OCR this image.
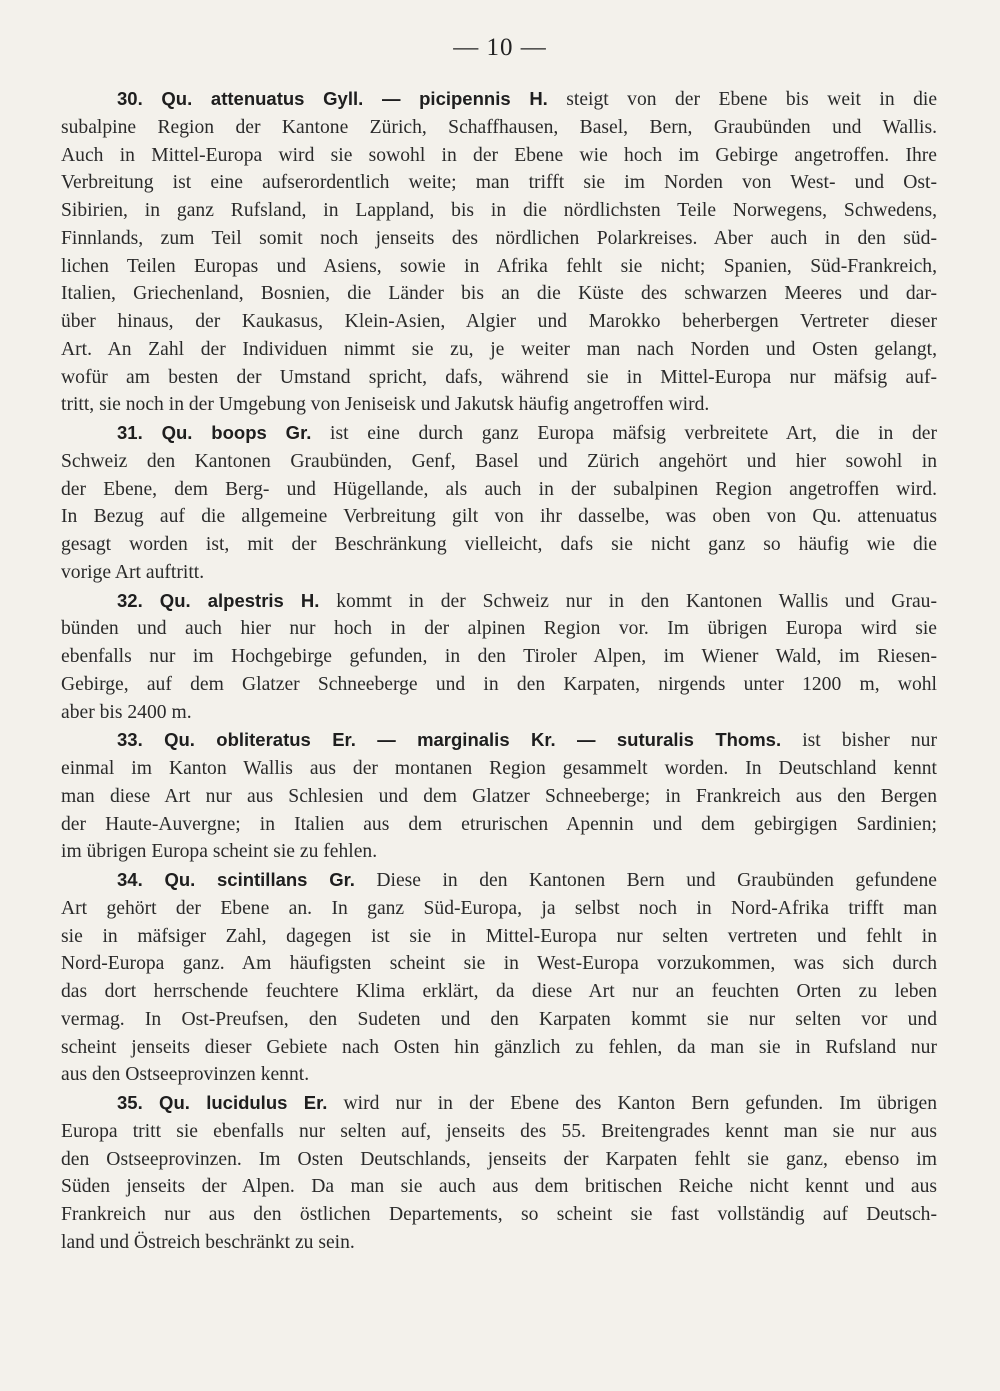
— 10 —
30. Qu. attenuatus Gyll. — picipennis H. steigt von der Ebene bis weit in die
subalpine Region der Kantone Zürich, Schaffhausen, Basel, Bern, Graubünden und Wallis.
Auch in Mittel-Europa wird sie sowohl in der Ebene wie hoch im Gebirge angetroffen. Ihre
Verbreitung ist eine aufserordentlich weite; man trifft sie im Norden von West- und Ost-
Sibirien, in ganz Rufsland, in Lappland, bis in die nördlichsten Teile Norwegens, Schwedens,
Finnlands, zum Teil somit noch jenseits des nördlichen Polarkreises. Aber auch in den süd-
lichen Teilen Europas und Asiens, sowie in Afrika fehlt sie nicht; Spanien, Süd-Frankreich,
Italien, Griechenland, Bosnien, die Länder bis an die Küste des schwarzen Meeres und dar-
über hinaus, der Kaukasus, Klein-Asien, Algier und Marokko beherbergen Vertreter dieser
Art. An Zahl der Individuen nimmt sie zu, je weiter man nach Norden und Osten gelangt,
wofür am besten der Umstand spricht, dafs, während sie in Mittel-Europa nur mäfsig auf-
tritt, sie noch in der Umgebung von Jeniseisk und Jakutsk häufig angetroffen wird.
31. Qu. boops Gr. ist eine durch ganz Europa mäfsig verbreitete Art, die in der
Schweiz den Kantonen Graubünden, Genf, Basel und Zürich angehört und hier sowohl in
der Ebene, dem Berg- und Hügellande, als auch in der subalpinen Region angetroffen wird.
In Bezug auf die allgemeine Verbreitung gilt von ihr dasselbe, was oben von Qu. attenuatus
gesagt worden ist, mit der Beschränkung vielleicht, dafs sie nicht ganz so häufig wie die
vorige Art auftritt.
32. Qu. alpestris H. kommt in der Schweiz nur in den Kantonen Wallis und Grau-
bünden und auch hier nur hoch in der alpinen Region vor. Im übrigen Europa wird sie
ebenfalls nur im Hochgebirge gefunden, in den Tiroler Alpen, im Wiener Wald, im Riesen-
Gebirge, auf dem Glatzer Schneeberge und in den Karpaten, nirgends unter 1200 m, wohl
aber bis 2400 m.
33. Qu. obliteratus Er. — marginalis Kr. — suturalis Thoms. ist bisher nur
einmal im Kanton Wallis aus der montanen Region gesammelt worden. In Deutschland kennt
man diese Art nur aus Schlesien und dem Glatzer Schneeberge; in Frankreich aus den Bergen
der Haute-Auvergne; in Italien aus dem etrurischen Apennin und dem gebirgigen Sardinien;
im übrigen Europa scheint sie zu fehlen.
34. Qu. scintillans Gr. Diese in den Kantonen Bern und Graubünden gefundene
Art gehört der Ebene an. In ganz Süd-Europa, ja selbst noch in Nord-Afrika trifft man
sie in mäfsiger Zahl, dagegen ist sie in Mittel-Europa nur selten vertreten und fehlt in
Nord-Europa ganz. Am häufigsten scheint sie in West-Europa vorzukommen, was sich durch
das dort herrschende feuchtere Klima erklärt, da diese Art nur an feuchten Orten zu leben
vermag. In Ost-Preufsen, den Sudeten und den Karpaten kommt sie nur selten vor und
scheint jenseits dieser Gebiete nach Osten hin gänzlich zu fehlen, da man sie in Rufsland nur
aus den Ostseeprovinzen kennt.
35. Qu. lucidulus Er. wird nur in der Ebene des Kanton Bern gefunden. Im übrigen
Europa tritt sie ebenfalls nur selten auf, jenseits des 55. Breitengrades kennt man sie nur aus
den Ostseeprovinzen. Im Osten Deutschlands, jenseits der Karpaten fehlt sie ganz, ebenso im
Süden jenseits der Alpen. Da man sie auch aus dem britischen Reiche nicht kennt und aus
Frankreich nur aus den östlichen Departements, so scheint sie fast vollständig auf Deutsch-
land und Östreich beschränkt zu sein.
